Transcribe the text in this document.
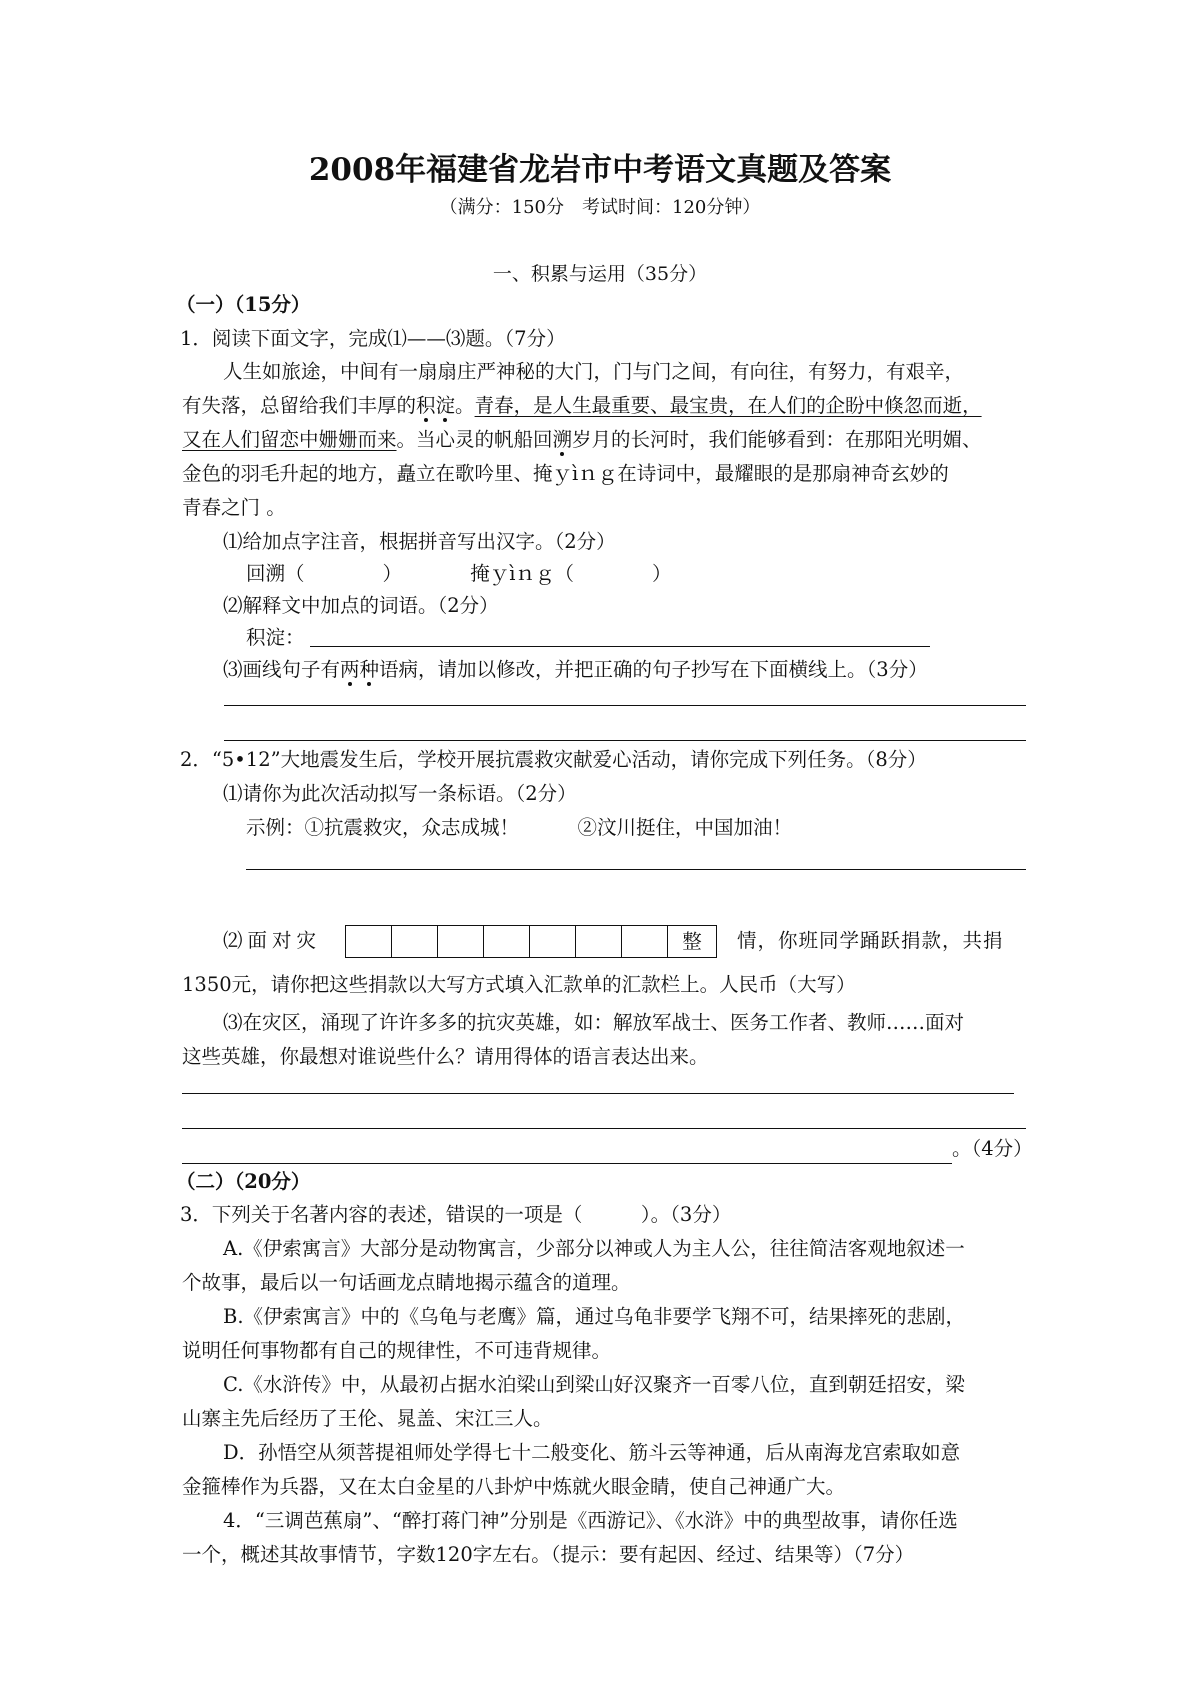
2008年福建省龙岩市中考语文真题及答案
（满分：150分　考试时间：120分钟）
一、积累与运用（35分）
（一）（15分）
1．阅读下面文字，完成⑴——⑶题。（7分）
人生如旅途，中间有一扇扇庄严神秘的大门，门与门之间，有向往，有努力，有艰辛，
有失落，总留给我们丰厚的积淀。青春，是人生最重要、最宝贵，在人们的企盼中倏忽而逝，
又在人们留恋中姗姗而来。当心灵的帆船回溯岁月的长河时，我们能够看到：在那阳光明媚、
金色的羽毛升起的地方，矗立在歌吟里、掩ｙìｎｇ在诗词中，最耀眼的是那扇神奇玄妙的
青春之门 。
⑴给加点字注音，根据拼音写出汉字。（2分）
回溯（　　　　）　　　　掩ｙìｎｇ（　　　　）
⑵解释文中加点的词语。（2分）
积淀：
⑶画线句子有两种语病，请加以修改，并把正确的句子抄写在下面横线上。（3分）
2．“5•12”大地震发生后，学校开展抗震救灾献爱心活动，请你完成下列任务。（8分）
⑴请你为此次活动拟写一条标语。（2分）
示例：①抗震救灾，众志成城！　　　②汶川挺住，中国加油！
⑵面对灾	整	情，你班同学踊跃捐款，共捐
1350元，请你把这些捐款以大写方式填入汇款单的汇款栏上。人民币（大写）
⑶在灾区，涌现了许许多多的抗灾英雄，如：解放军战士、医务工作者、教师……面对
这些英雄，你最想对谁说些什么？请用得体的语言表达出来。
。（4分）
（二）（20分）
3．下列关于名著内容的表述，错误的一项是（　　　）。（3分）
A.《伊索寓言》大部分是动物寓言，少部分以神或人为主人公，往往简洁客观地叙述一
个故事，最后以一句话画龙点睛地揭示蕴含的道理。
B.《伊索寓言》中的《乌龟与老鹰》篇，通过乌龟非要学飞翔不可，结果摔死的悲剧，
说明任何事物都有自己的规律性，不可违背规律。
C.《水浒传》中，从最初占据水泊梁山到梁山好汉聚齐一百零八位，直到朝廷招安，梁
山寨主先后经历了王伦、晁盖、宋江三人。
D．孙悟空从须菩提祖师处学得七十二般变化、筋斗云等神通，后从南海龙宫索取如意
金箍棒作为兵器，又在太白金星的八卦炉中炼就火眼金睛，使自己神通广大。
4．“三调芭蕉扇”、“醉打蒋门神”分别是《西游记》、《水浒》中的典型故事，请你任选
一个，概述其故事情节，字数120字左右。（提示：要有起因、经过、结果等）（7分）
